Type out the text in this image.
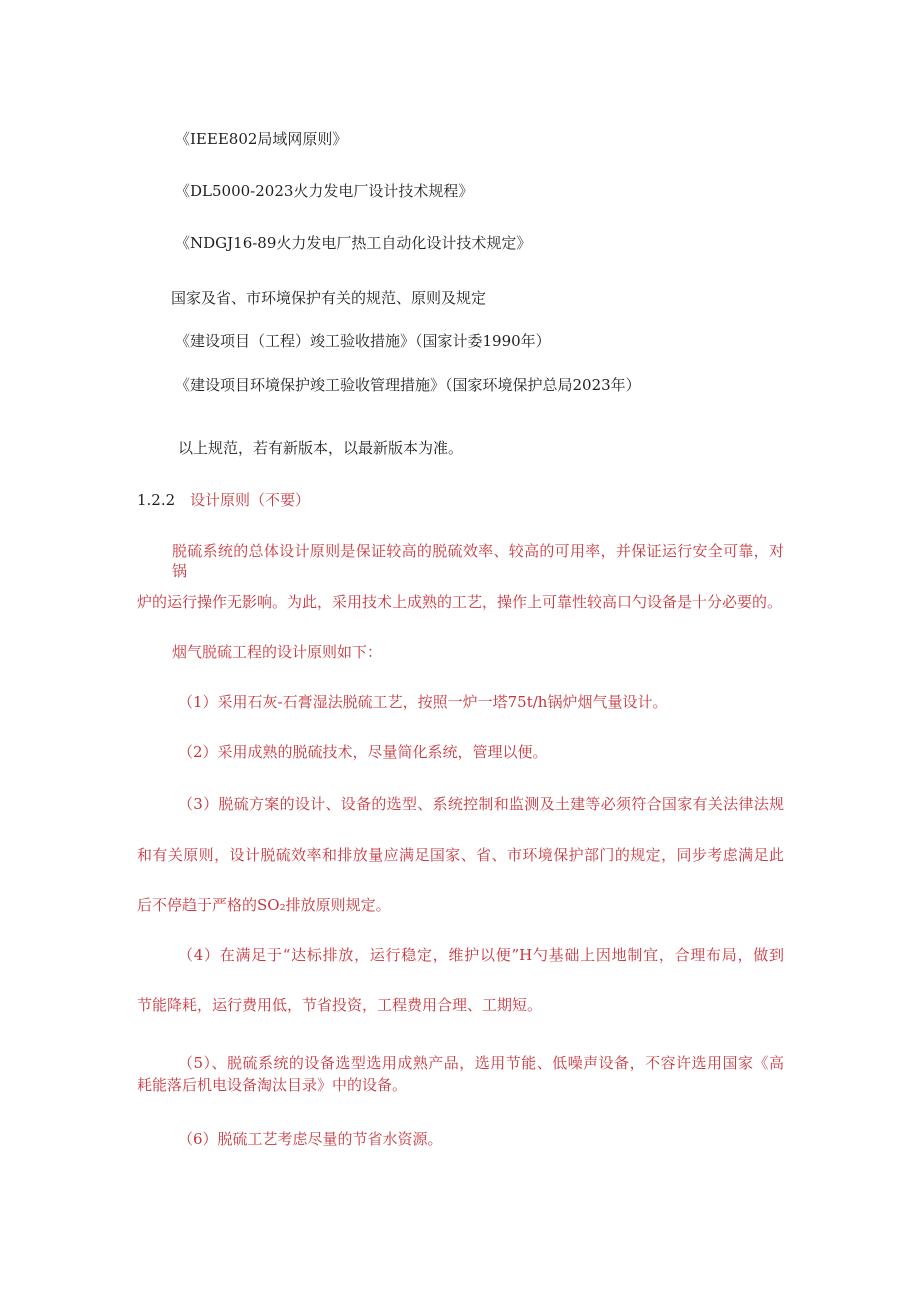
《IEEE802局域网原则》
《DL5000-2023火力发电厂设计技术规程》
《NDGJ16-89火力发电厂热工自动化设计技术规定》
国家及省、市环境保护有关的规范、原则及规定
《建设项目（工程）竣工验收措施》（国家计委1990年）
《建设项目环境保护竣工验收管理措施》（国家环境保护总局2023年）
以上规范，若有新版本，以最新版本为准。
1.2.2 设计原则（不要）
脱硫系统的总体设计原则是保证较高的脱硫效率、较高的可用率，并保证运行安全可靠，对锅
炉的运行操作无影响。为此，采用技术上成熟的工艺，操作上可靠性较高口勺设备是十分必要的。
烟气脱硫工程的设计原则如下：
（1）采用石灰-石膏湿法脱硫工艺，按照一炉一塔75t/h锅炉烟气量设计。
（2）采用成熟的脱硫技术，尽量简化系统，管理以便。
（3）脱硫方案的设计、设备的选型、系统控制和监测及土建等必须符合国家有关法律法规
和有关原则，设计脱硫效率和排放量应满足国家、省、市环境保护部门的规定，同步考虑满足此
后不停趋于严格的SO₂排放原则规定。
（4）在满足于“达标排放，运行稳定，维护以便”H勺基础上因地制宜，合理布局，做到
节能降耗，运行费用低，节省投资，工程费用合理、工期短。
（5）、脱硫系统的设备选型选用成熟产品，选用节能、低噪声设备，不容许选用国家《高
耗能落后机电设备淘汰目录》中的设备。
（6）脱硫工艺考虑尽量的节省水资源。
